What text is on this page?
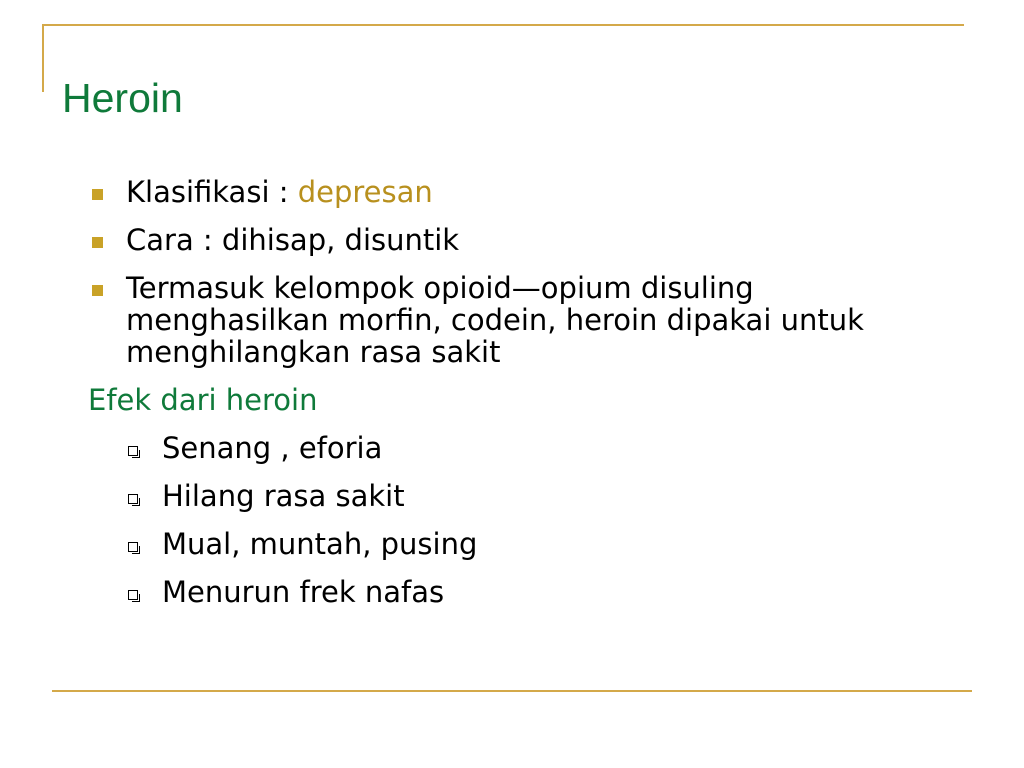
Heroin
Klasifikasi : depresan
Cara : dihisap, disuntik
Termasuk kelompok opioid—opium disuling menghasilkan morfin, codein, heroin dipakai untuk menghilangkan rasa sakit
Efek dari heroin
Senang , eforia
Hilang rasa sakit
Mual, muntah, pusing
Menurun frek nafas
